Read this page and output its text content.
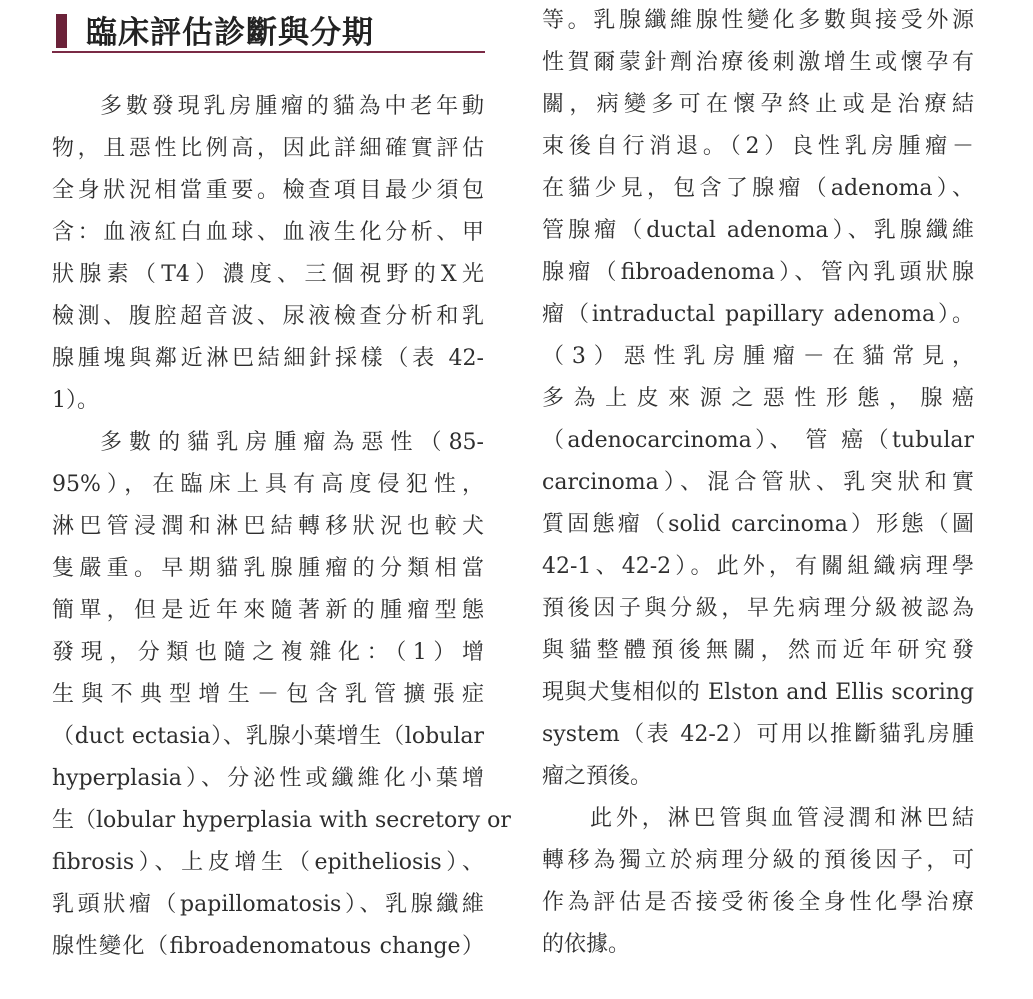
臨床評估診斷與分期
多數發現乳房腫瘤的貓為中老年動
物，且惡性比例高，因此詳細確實評估
全身狀況相當重要。檢查項目最少須包
含：血液紅白血球、血液生化分析、甲
狀腺素（T4）濃度、三個視野的X光
檢測、腹腔超音波、尿液檢查分析和乳
腺腫塊與鄰近淋巴結細針採樣（表 42-
1）。
多數的貓乳房腫瘤為惡性（85-
95%），在臨床上具有高度侵犯性，
淋巴管浸潤和淋巴結轉移狀況也較犬
隻嚴重。早期貓乳腺腫瘤的分類相當
簡單，但是近年來隨著新的腫瘤型態
發現，分類也隨之複雜化：（1）增
生與不典型增生－包含乳管擴張症
（duct ectasia）、乳腺小葉增生（lobular
hyperplasia）、分泌性或纖維化小葉增
生（lobular hyperplasia with secretory or
fibrosis）、上皮增生（epitheliosis）、
乳頭狀瘤（papillomatosis）、乳腺纖維
腺性變化（fibroadenomatous change）
等。乳腺纖維腺性變化多數與接受外源
性賀爾蒙針劑治療後刺激增生或懷孕有
關，病變多可在懷孕終止或是治療結
束後自行消退。（2）良性乳房腫瘤－
在貓少見，包含了腺瘤（adenoma）、
管腺瘤（ductal adenoma）、乳腺纖維
腺瘤（fibroadenoma）、管內乳頭狀腺
瘤（intraductal papillary adenoma）。
（3）惡性乳房腫瘤－在貓常見，
多為上皮來源之惡性形態，腺癌
（adenocarcinoma）、 管 癌（tubular
carcinoma）、混合管狀、乳突狀和實
質固態瘤（solid carcinoma）形態（圖
42-1、42-2）。此外，有關組織病理學
預後因子與分級，早先病理分級被認為
與貓整體預後無關，然而近年研究發
現與犬隻相似的 Elston and Ellis scoring
system（表 42-2）可用以推斷貓乳房腫
瘤之預後。
此外，淋巴管與血管浸潤和淋巴結
轉移為獨立於病理分級的預後因子，可
作為評估是否接受術後全身性化學治療
的依據。
